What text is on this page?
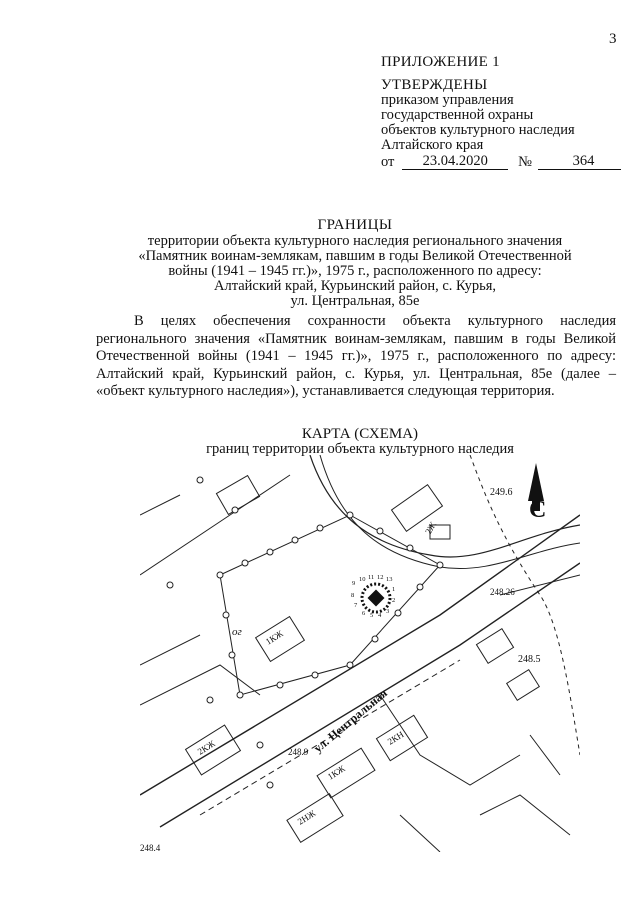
3
ПРИЛОЖЕНИЕ 1
УТВЕРЖДЕНЫ
приказом управления
государственной охраны
объектов культурного наследия
Алтайского края
от	23.04.2020	№	364
ГРАНИЦЫ
территории объекта культурного наследия регионального значения
«Памятник воинам-землякам, павшим в годы Великой Отечественной
войны (1941 – 1945 гг.)», 1975 г., расположенного по адресу:
Алтайский край, Курьинский район, с. Курья,
ул. Центральная, 85е
В целях обеспечения сохранности объекта культурного наследия регионального значения «Памятник воинам-землякам, павшим в годы Великой Отечественной войны (1941 – 1945 гг.)», 1975 г., расположенного по адресу: Алтайский край, Курьинский район, с. Курья, ул. Центральная, 85е (далее – «объект культурного наследия»), устанавливается следующая территория.
КАРТА (СХЕМА)
границ территории объекта культурного наследия
9
10 11 12 13
1
2
3
4
5
6
7
8
249.6
248.26
248.5
248.9
248.4
ог
2Ж
2КЖ
1КЖ
2КН
2НЖ
1КЖ
ул. Центральная
С
